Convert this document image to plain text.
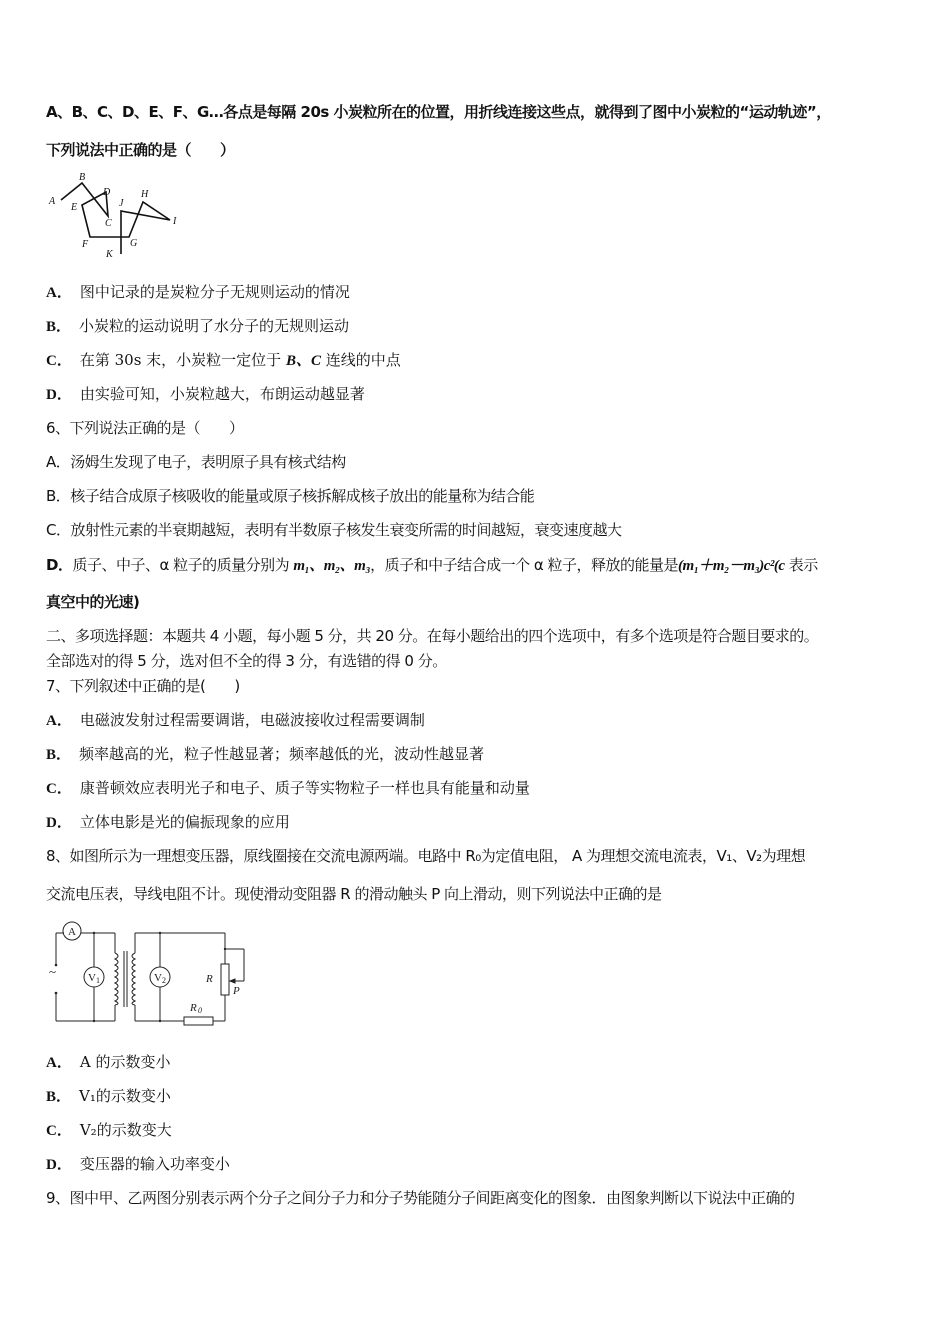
A、B、C、D、E、F、G…各点是每隔 20s 小炭粒所在的位置，用折线连接这些点，就得到了图中小炭粒的“运动轨迹”，
下列说法中正确的是（　　）
A
B
C
D
E
F	G
H
I
J
K
A． 图中记录的是炭粒分子无规则运动的情况
B． 小炭粒的运动说明了水分子的无规则运动
C． 在第 30s 末，小炭粒一定位于 B、C 连线的中点
D． 由实验可知，小炭粒越大，布朗运动越显著
6、下列说法正确的是（　　）
A．汤姆生发现了电子，表明原子具有核式结构
B．核子结合成原子核吸收的能量或原子核拆解成核子放出的能量称为结合能
C．放射性元素的半衰期越短，表明有半数原子核发生衰变所需的时间越短，衰变速度越大
D．质子、中子、α 粒子的质量分别为 m₁、m₂、m₃，质子和中子结合成一个 α 粒子，释放的能量是(m₁＋m₂－m₃)c²(c 表示
真空中的光速)
二、多项选择题：本题共 4 小题，每小题 5 分，共 20 分。在每小题给出的四个选项中，有多个选项是符合题目要求的。
全部选对的得 5 分，选对但不全的得 3 分，有选错的得 0 分。
7、下列叙述中正确的是(　　)
A． 电磁波发射过程需要调谐，电磁波接收过程需要调制
B． 频率越高的光，粒子性越显著；频率越低的光，波动性越显著
C． 康普顿效应表明光子和电子、质子等实物粒子一样也具有能量和动量
D． 立体电影是光的偏振现象的应用
8、如图所示为一理想变压器，原线圈接在交流电源两端。电路中 R₀为定值电阻， A 为理想交流电流表，V₁、V₂为理想
交流电压表，导线电阻不计。现使滑动变阻器 R 的滑动触头 P 向上滑动，则下列说法中正确的是
A
V 1	V 2	R
P
R 0
~
A． A 的示数变小
B． V₁的示数变小
C． V₂的示数变大
D． 变压器的输入功率变小
9、图中甲、乙两图分别表示两个分子之间分子力和分子势能随分子间距离变化的图象．由图象判断以下说法中正确的
